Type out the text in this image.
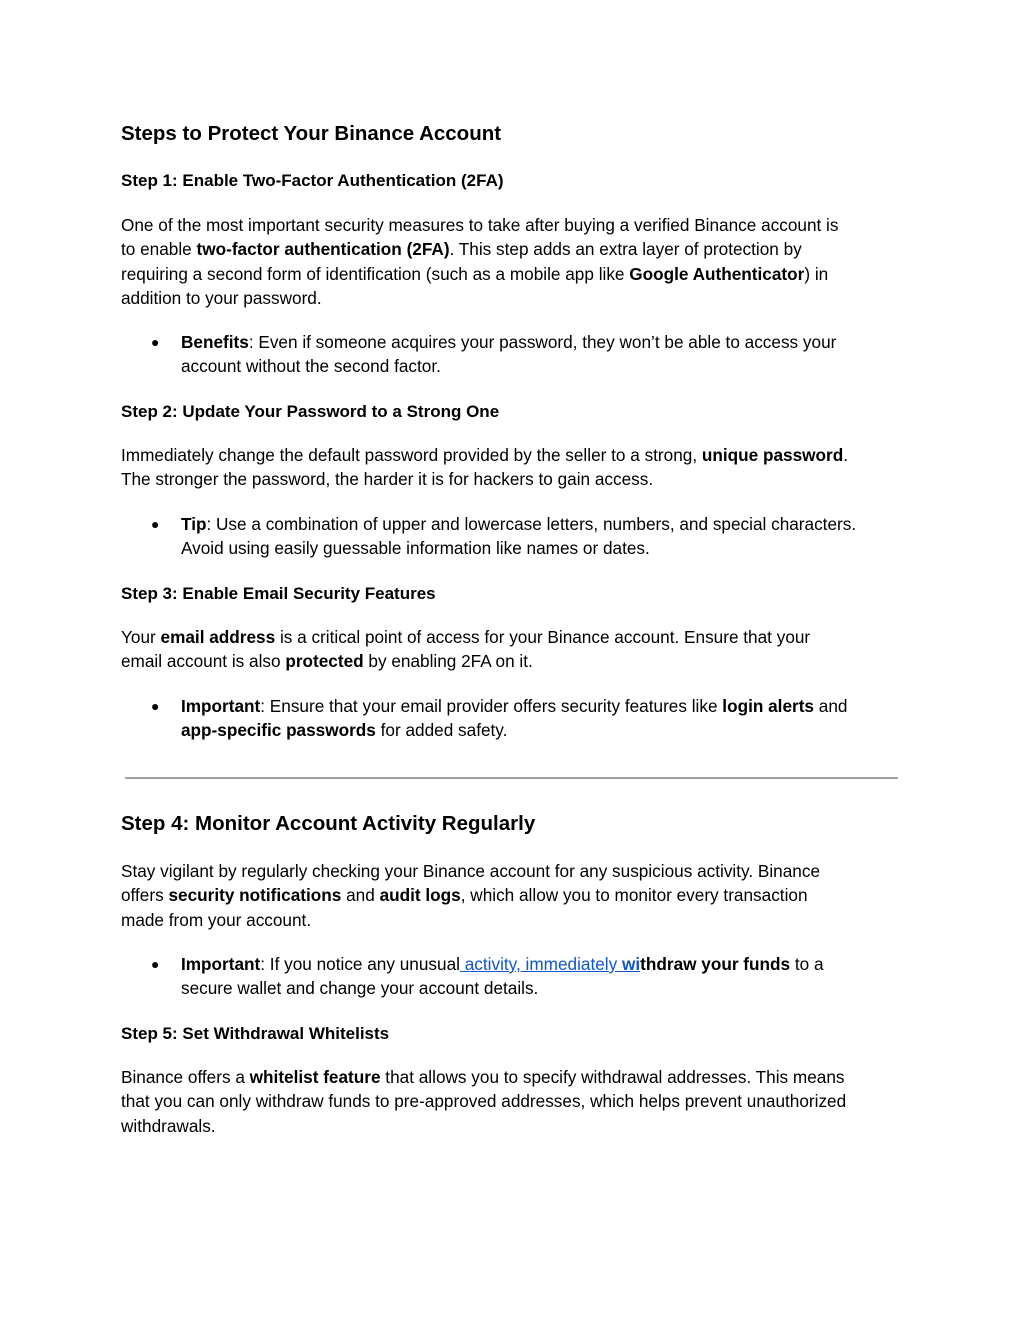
Steps to Protect Your Binance Account
Step 1: Enable Two-Factor Authentication (2FA)
One of the most important security measures to take after buying a verified Binance account is
to enable two-factor authentication (2FA). This step adds an extra layer of protection by
requiring a second form of identification (such as a mobile app like Google Authenticator) in
addition to your password.
● Benefits: Even if someone acquires your password, they won’t be able to access your
account without the second factor.
Step 2: Update Your Password to a Strong One
Immediately change the default password provided by the seller to a strong, unique password.
The stronger the password, the harder it is for hackers to gain access.
● Tip: Use a combination of upper and lowercase letters, numbers, and special characters.
Avoid using easily guessable information like names or dates.
Step 3: Enable Email Security Features
Your email address is a critical point of access for your Binance account. Ensure that your
email account is also protected by enabling 2FA on it.
● Important: Ensure that your email provider offers security features like login alerts and
app-specific passwords for added safety.
Step 4: Monitor Account Activity Regularly
Stay vigilant by regularly checking your Binance account for any suspicious activity. Binance
offers security notifications and audit logs, which allow you to monitor every transaction
made from your account.
● Important: If you notice any unusual activity, immediately withdraw your funds to a
secure wallet and change your account details.
Step 5: Set Withdrawal Whitelists
Binance offers a whitelist feature that allows you to specify withdrawal addresses. This means
that you can only withdraw funds to pre-approved addresses, which helps prevent unauthorized
withdrawals.
